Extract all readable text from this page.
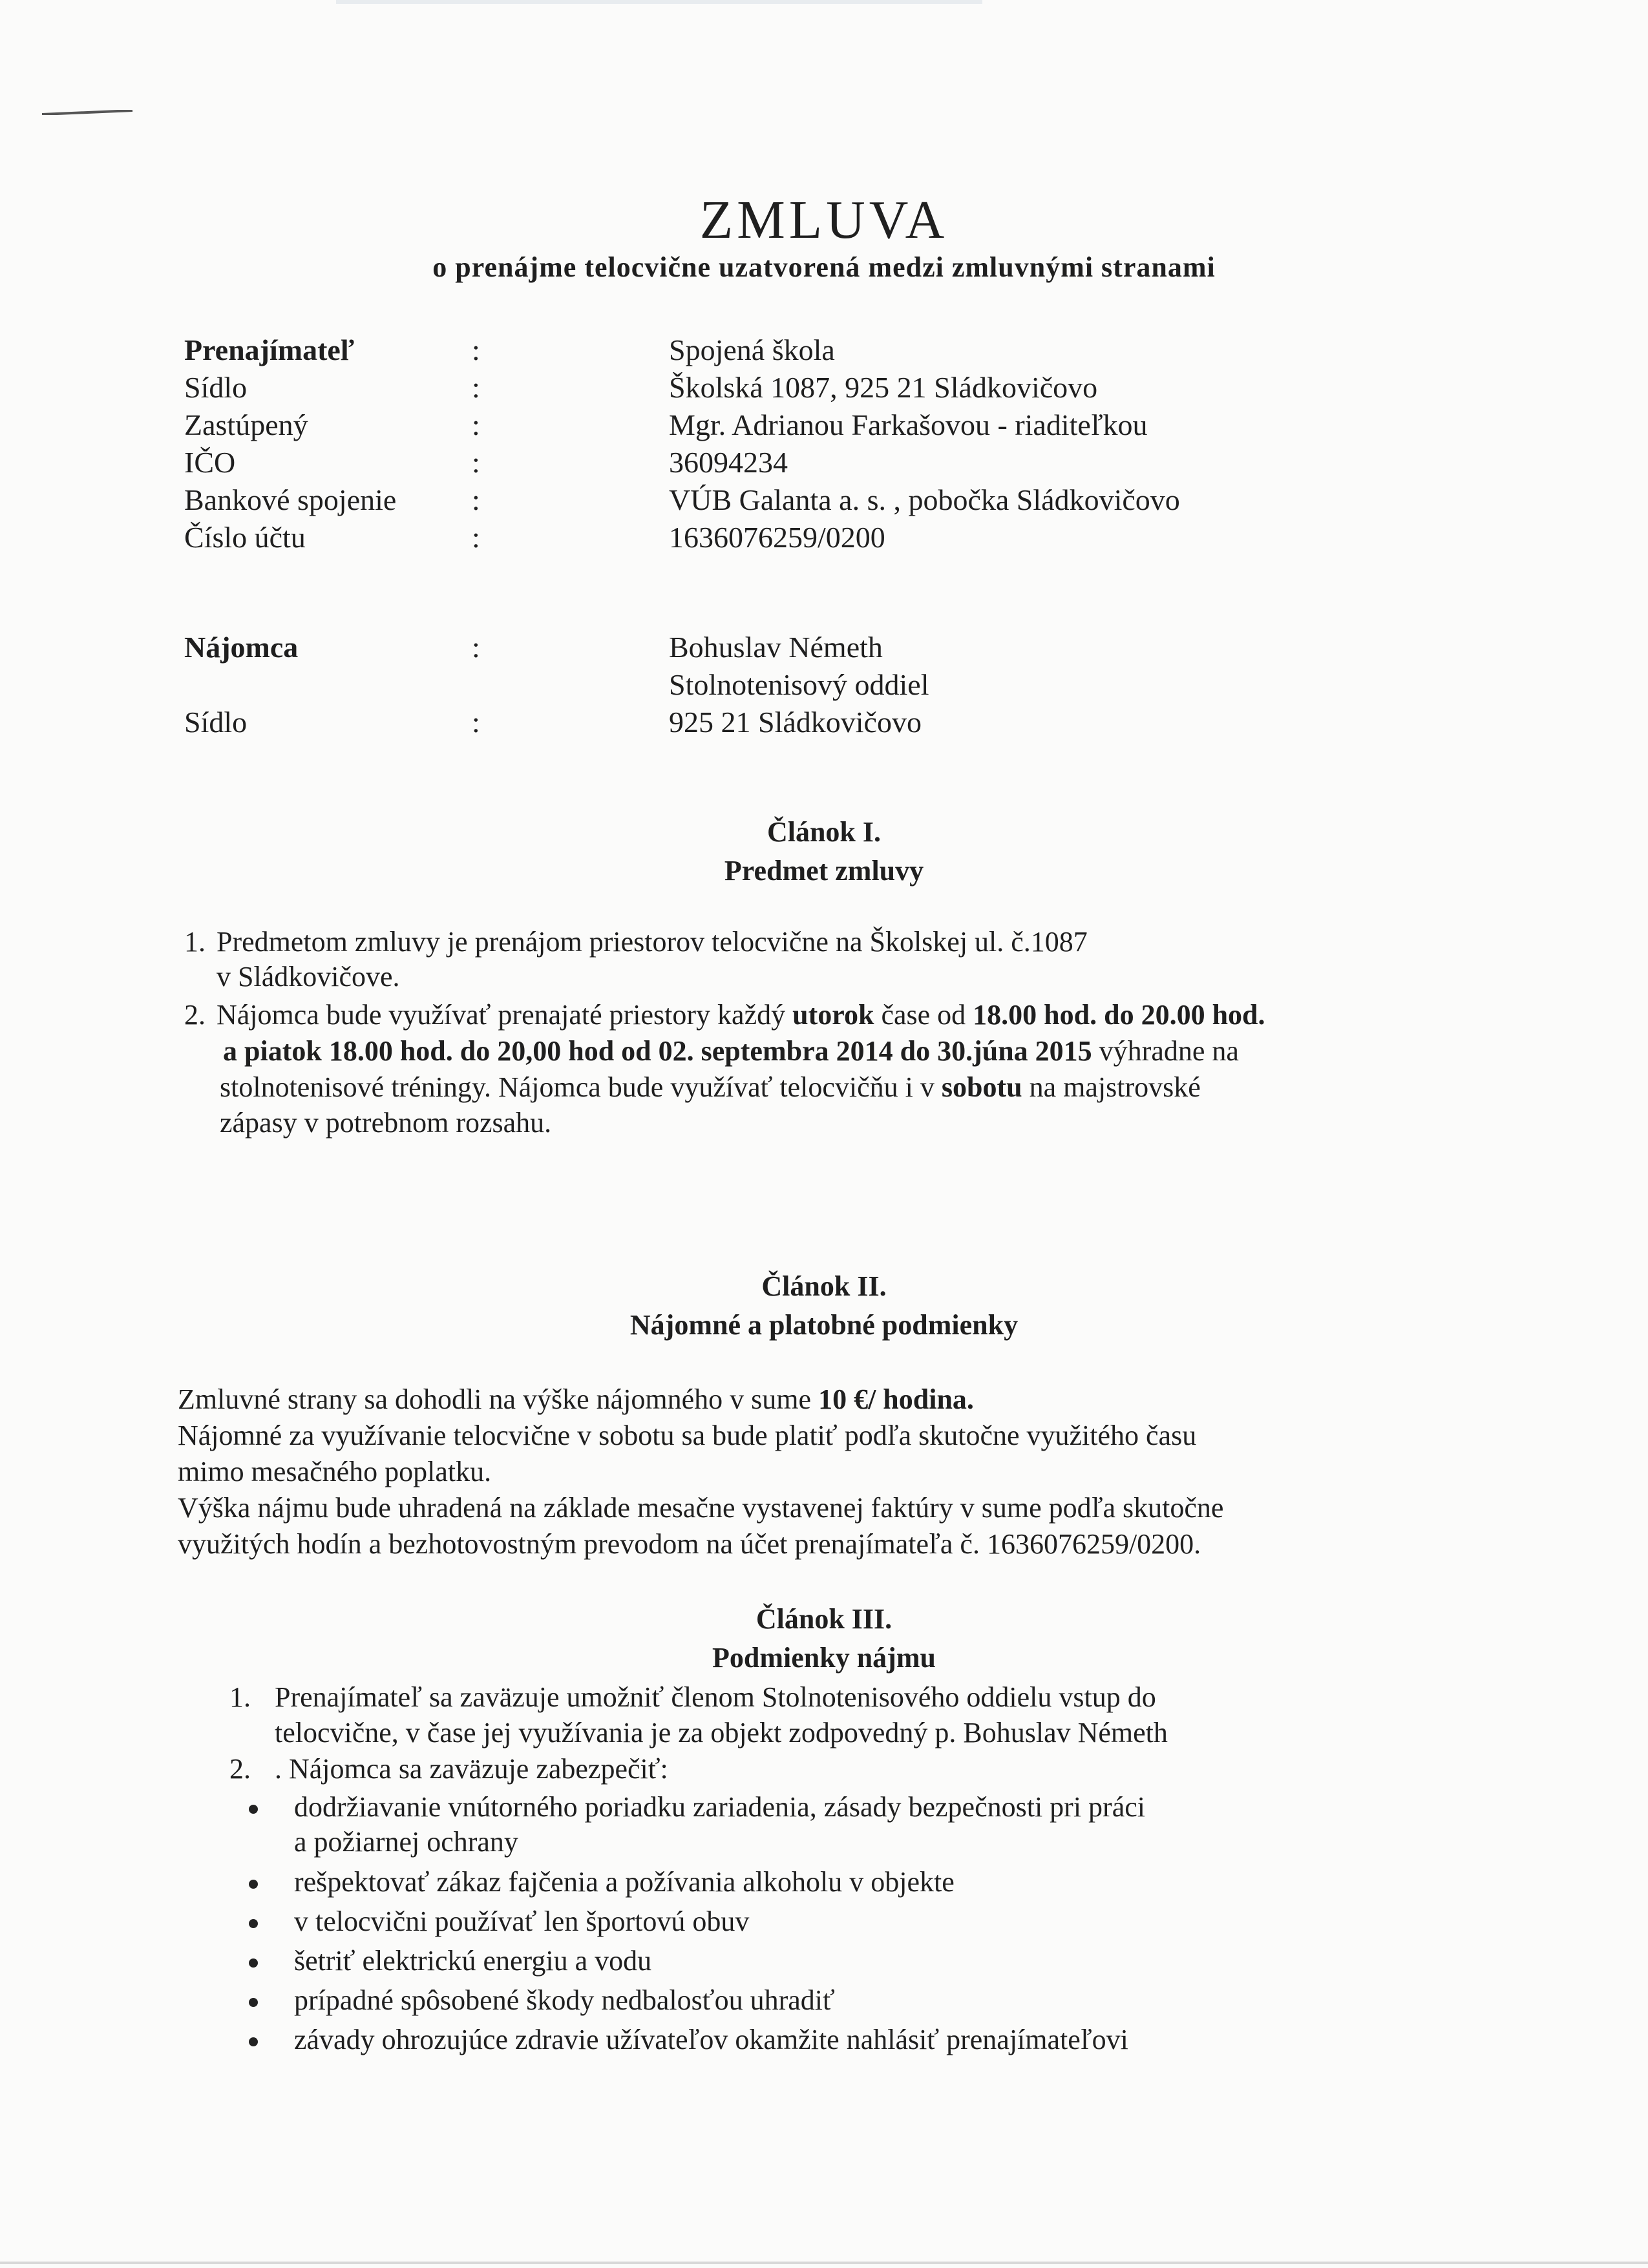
ZMLUVA
o prenájme telocvične uzatvorená medzi zmluvnými stranami
Prenajímateľ	:	Spojená škola
Sídlo	:	Školská 1087, 925 21 Sládkovičovo
Zastúpený	:	Mgr. Adrianou Farkašovou - riaditeľkou
IČO	:	36094234
Bankové spojenie	:	VÚB Galanta a. s. , pobočka Sládkovičovo
Číslo účtu	:	1636076259/0200
Nájomca	:	Bohuslav Németh
Stolnotenisový oddiel
Sídlo	:	925 21 Sládkovičovo
Článok I.
Predmet zmluvy
1. Predmetom zmluvy je prenájom priestorov telocvične na Školskej ul. č.1087
v Sládkovičove.
2. Nájomca bude využívať prenajaté priestory každý utorok čase od 18.00 hod. do 20.00 hod.
a piatok 18.00 hod. do 20,00 hod od 02. septembra 2014 do 30.júna 2015 výhradne na
stolnotenisové tréningy. Nájomca bude využívať telocvičňu i v sobotu na majstrovské
zápasy v potrebnom rozsahu.
Článok II.
Nájomné a platobné podmienky
Zmluvné strany sa dohodli na výške nájomného v sume 10 €/ hodina.
Nájomné za využívanie telocvične v sobotu sa bude platiť podľa skutočne využitého času
mimo mesačného poplatku.
Výška nájmu bude uhradená na základe mesačne vystavenej faktúry v sume podľa skutočne
využitých hodín a bezhotovostným prevodom na účet prenajímateľa č. 1636076259/0200.
Článok III.
Podmienky nájmu
1. Prenajímateľ sa zaväzuje umožniť členom Stolnotenisového oddielu vstup do
telocvične, v čase jej využívania je za objekt zodpovedný p. Bohuslav Németh
2. . Nájomca sa zaväzuje zabezpečiť:
dodržiavanie vnútorného poriadku zariadenia, zásady bezpečnosti pri práci
a požiarnej ochrany
rešpektovať zákaz fajčenia a požívania alkoholu v objekte
v telocvični používať len športovú obuv
šetriť elektrickú energiu a vodu
prípadné spôsobené škody nedbalosťou uhradiť
závady ohrozujúce zdravie užívateľov okamžite nahlásiť prenajímateľovi
